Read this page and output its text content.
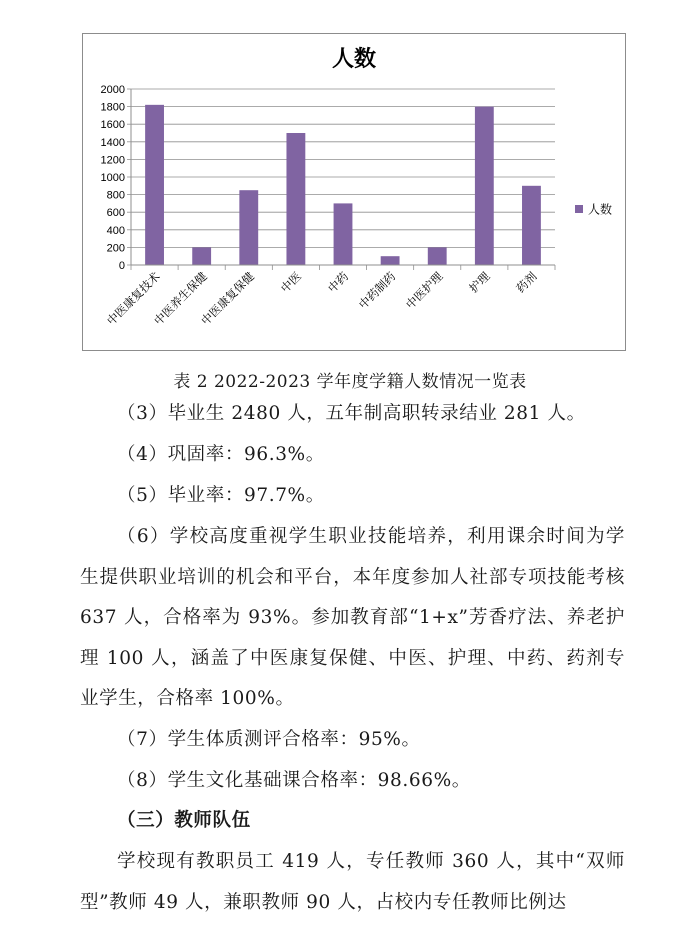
人数
0
200
400
600
800
1000
1200
1400
1600
1800
2000
中医康复技术
中医养生保健
中医康复保健 中医 中药 中药制药 中医护理 护理 药剂
人数
表 2 2022-2023 学年度学籍人数情况一览表

（3）毕业生 2480 人，五年制高职转录结业 281 人。

（4）巩固率：96.3%。

（5）毕业率：97.7%。

（6）学校高度重视学生职业技能培养，利用课余时间为学生提供职业培训的机会和平台，本年度参加人社部专项技能考核 637 人，合格率为 93%。参加教育部“1+x”芳香疗法、养老护理 100 人，涵盖了中医康复保健、中医、护理、中药、药剂专业学生，合格率 100%。

（7）学生体质测评合格率：95%。

（8）学生文化基础课合格率：98.66%。

（三）教师队伍

学校现有教职员工 419 人，专任教师 360 人，其中“双师型”教师 49 人，兼职教师 90 人，占校内专任教师比例达
